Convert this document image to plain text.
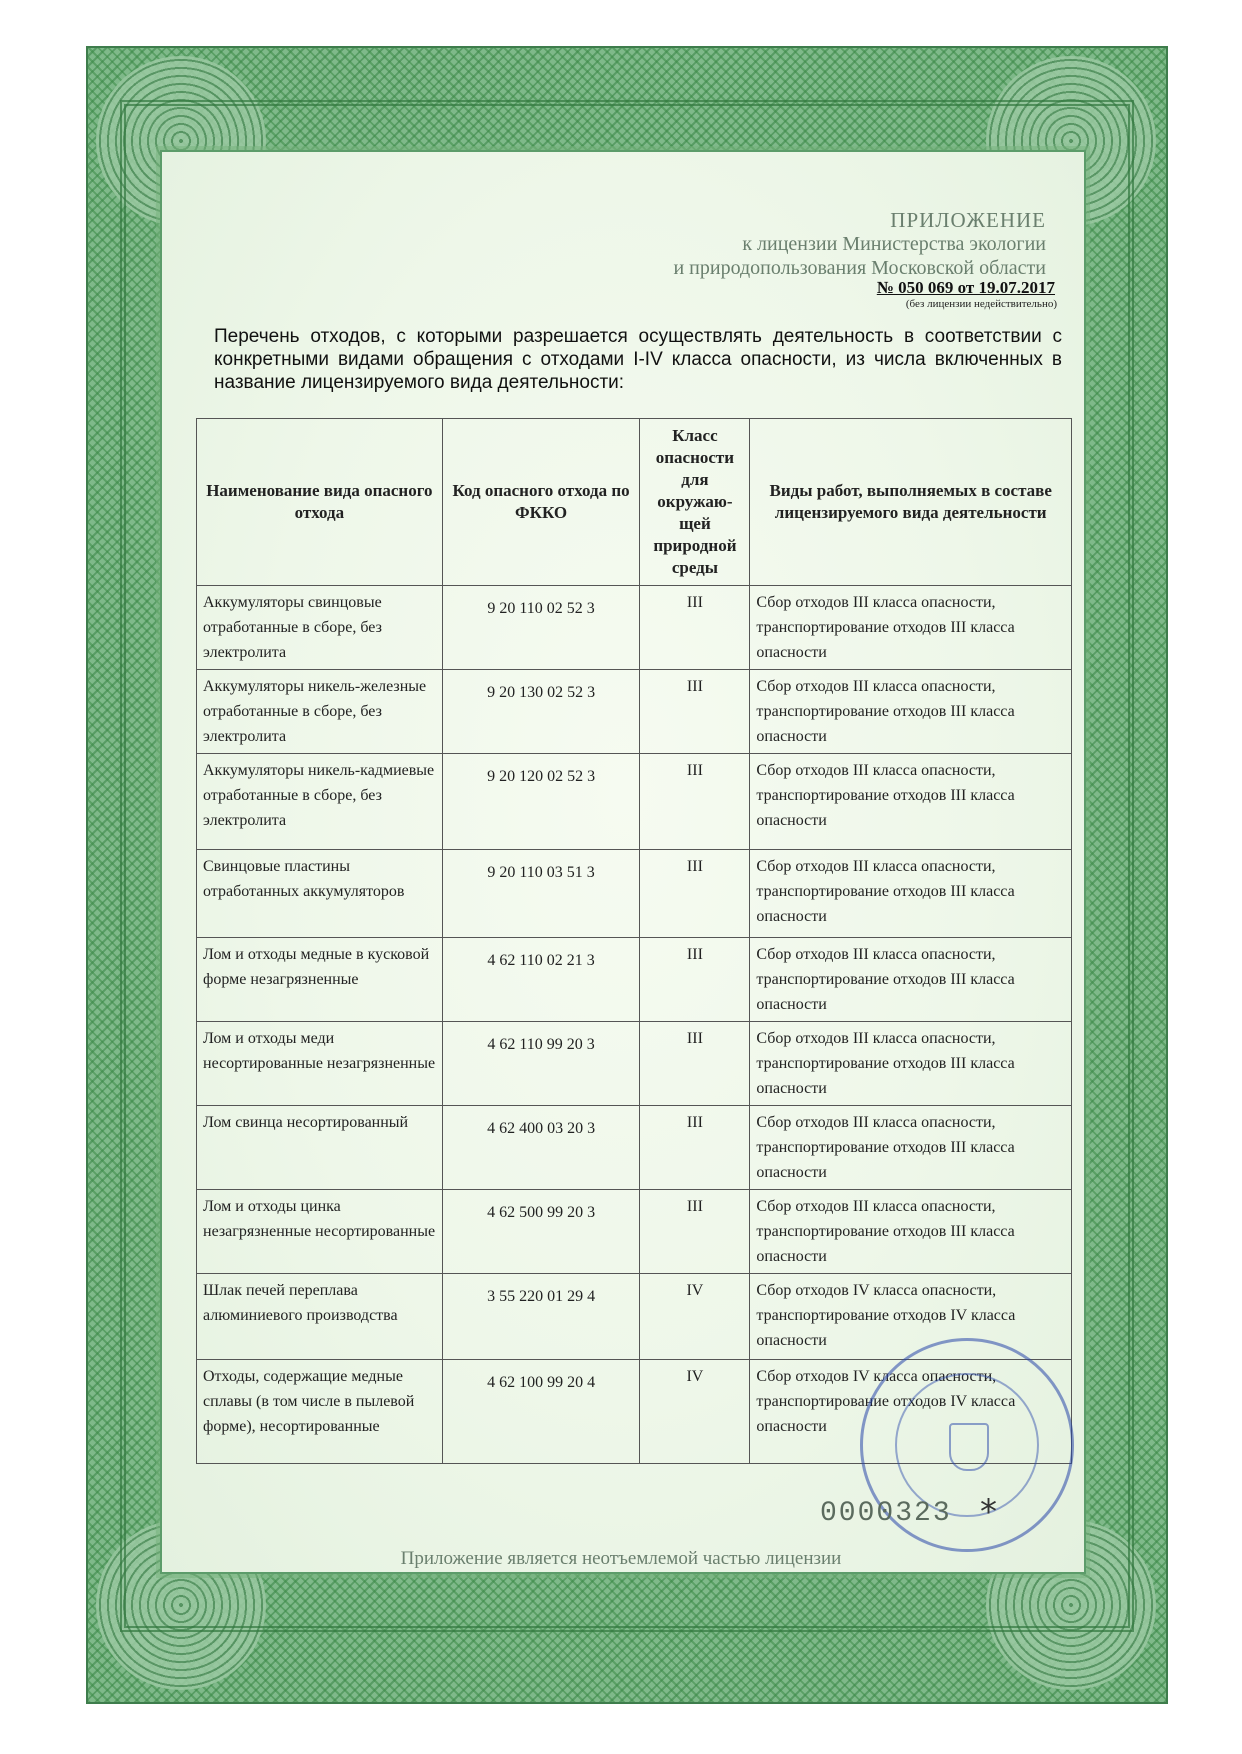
ПРИЛОЖЕНИЕ
к лицензии Министерства экологии
и природопользования Московской области
№ 050 069 от 19.07.2017
(без лицензии недействительно)
Перечень отходов, с которыми разрешается осуществлять деятельность в соответствии с конкретными видами обращения с отходами I-IV класса опасности, из числа включенных в название лицензируемого вида деятельности:
Наименование вида опасного отхода	Код опасного отхода по ФККО	Класс опасности для окружаю-щей природной среды	Виды работ, выполняемых в составе лицензируемого вида деятельности
Аккумуляторы свинцовые отработанные в сборе, без электролита	9 20 110 02 52 3	III	Сбор отходов III класса опасности, транспортирование отходов III класса опасности
Аккумуляторы никель-железные отработанные в сборе, без электролита	9 20 130 02 52 3	III	Сбор отходов III класса опасности, транспортирование отходов III класса опасности
Аккумуляторы никель-кадмиевые отработанные в сборе, без электролита	9 20 120 02 52 3	III	Сбор отходов III класса опасности, транспортирование отходов III класса опасности
Свинцовые пластины отработанных аккумуляторов	9 20 110 03 51 3	III	Сбор отходов III класса опасности, транспортирование отходов III класса опасности
Лом и отходы медные в кусковой форме незагрязненные	4 62 110 02 21 3	III	Сбор отходов III класса опасности, транспортирование отходов III класса опасности
Лом и отходы меди несортированные незагрязненные	4 62 110 99 20 3	III	Сбор отходов III класса опасности, транспортирование отходов III класса опасности
Лом свинца несортированный	4 62 400 03 20 3	III	Сбор отходов III класса опасности, транспортирование отходов III класса опасности
Лом и отходы цинка незагрязненные несортированные	4 62 500 99 20 3	III	Сбор отходов III класса опасности, транспортирование отходов III класса опасности
Шлак печей переплава алюминиевого производства	3 55 220 01 29 4	IV	Сбор отходов IV класса опасности, транспортирование отходов IV класса опасности
Отходы, содержащие медные сплавы (в том числе в пылевой форме), несортированные	4 62 100 99 20 4	IV	Сбор отходов IV класса опасности, транспортирование отходов IV класса опасности
0000323 *
Приложение является неотъемлемой частью лицензии
